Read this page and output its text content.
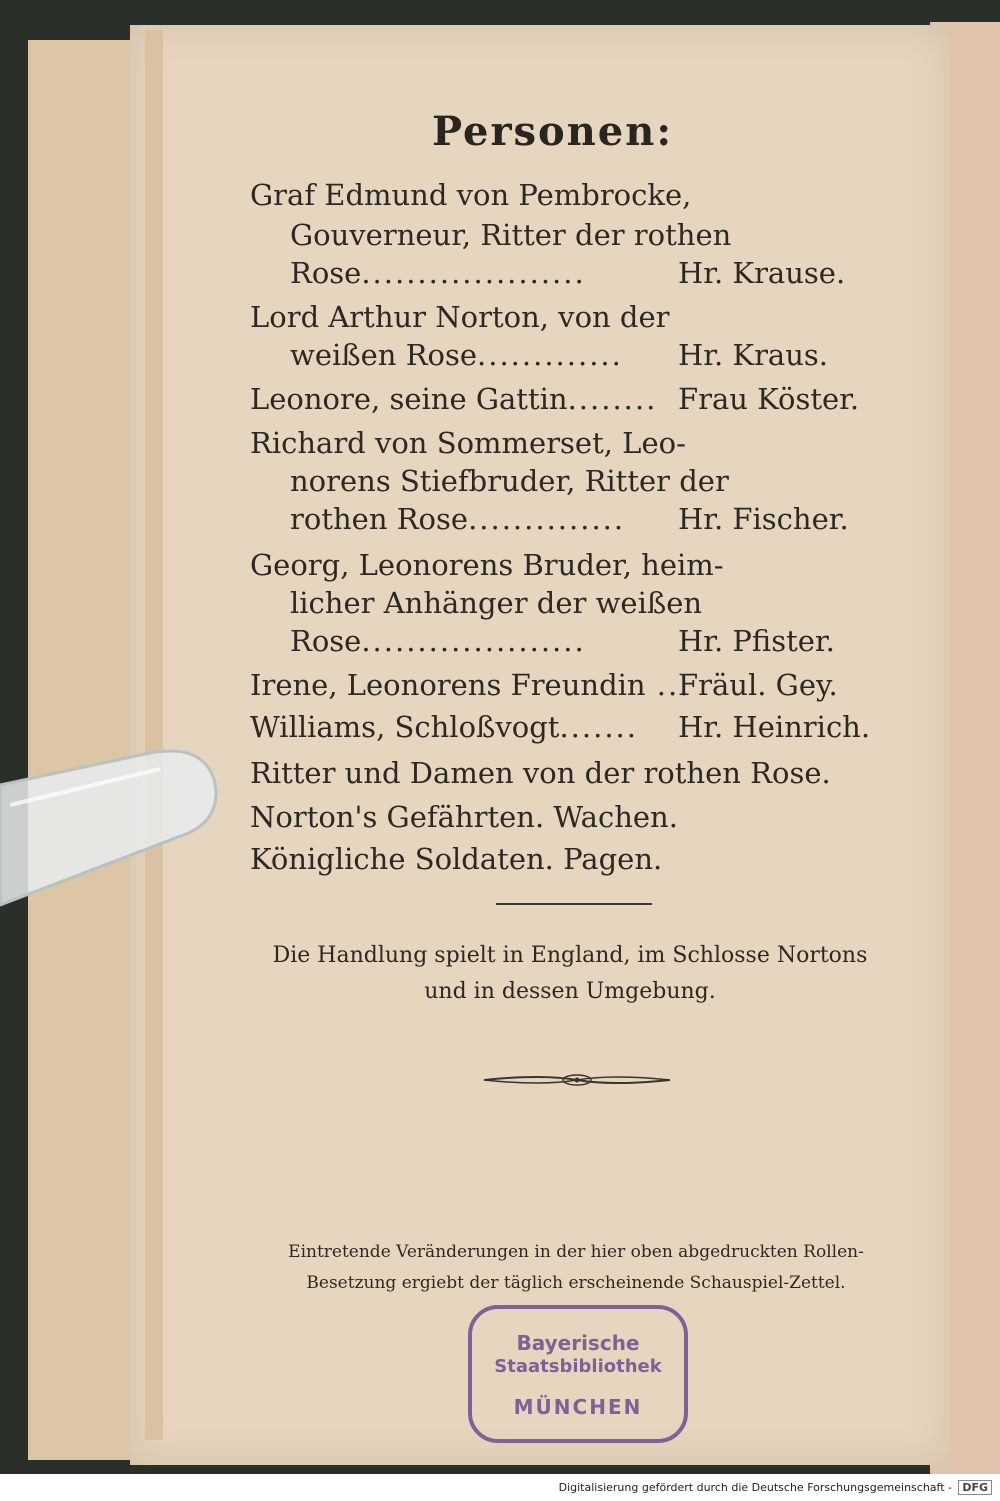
Personen:
Graf Edmund von Pembrocke,
Gouverneur, Ritter der rothen
Rose....................	Hr. Krause.
Lord Arthur Norton, von der
weißen Rose............. Hr. Kraus.
Leonore, seine Gattin........ Frau Köster.
Richard von Sommerset, Leo-
norens Stiefbruder, Ritter der
rothen Rose.............. Hr. Fischer.
Georg, Leonorens Bruder, heim-
licher Anhänger der weißen
Rose....................	Hr. Pfister.
Irene, Leonorens Freundin ...
Fräul. Gey.
Williams, Schloßvogt....... Hr. Heinrich.
Ritter und Damen von der rothen Rose.
Norton's Gefährten. Wachen.
Königliche Soldaten. Pagen.
Die Handlung spielt in England, im Schlosse Nortons
und in dessen Umgebung.
Eintretende Veränderungen in der hier oben abgedruckten Rollen-
Besetzung ergiebt der täglich erscheinende Schauspiel-Zettel.
Bayerische
Staatsbibliothek
MÜNCHEN
Digitalisierung gefördert durch die Deutsche Forschungsgemeinschaft - DFG
